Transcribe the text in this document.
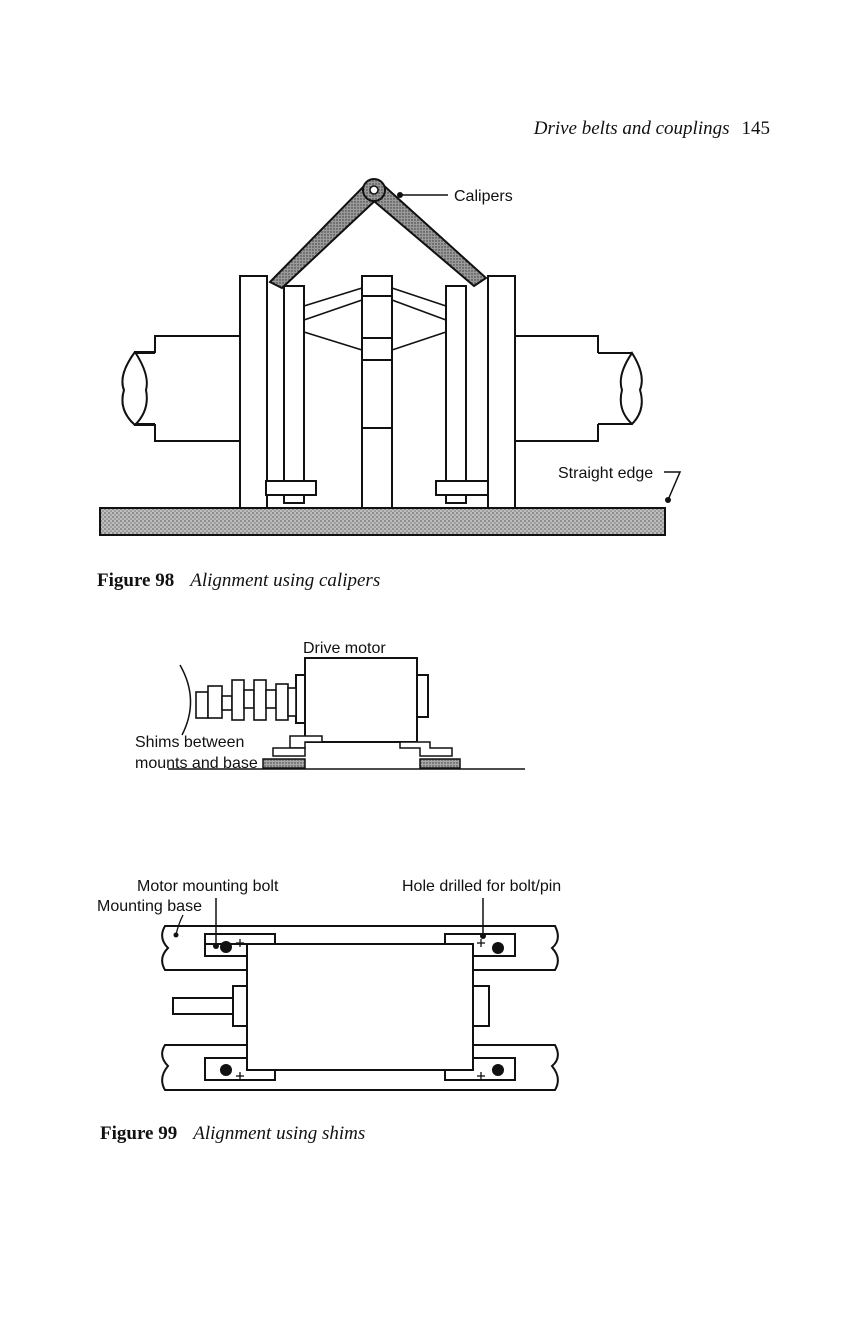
Drive belts and couplings 145
Calipers
Straight edge
Figure 98 Alignment using calipers
Drive motor
Shims between
mounts and base
Motor mounting bolt
Mounting base
Hole drilled for bolt/pin
Figure 99 Alignment using shims
